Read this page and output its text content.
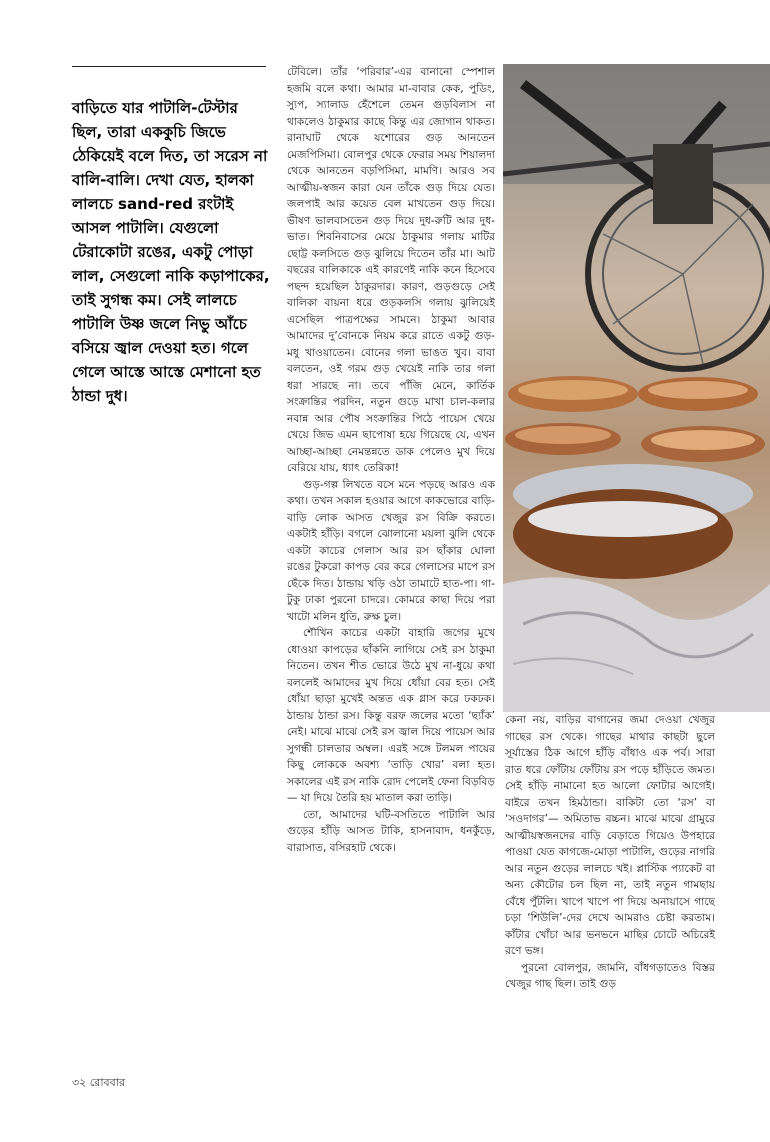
বাড়িতে যার পাটালি-টেস্টার ছিল, তারা এককুচি জিভে ঠেকিয়েই বলে দিত, তা সরেস না বালি-বালি। দেখা যেত, হালকা লালচে sand-red রংটাই আসল পাটালি। যেগুলো টেরাকোটা রঙের, একটু পোড়া লাল, সেগুলো নাকি কড়াপাকের, তাই সুগন্ধ কম। সেই লালচে পাটালি উষ্ণ জলে নিভু আঁচে বসিয়ে জ্বাল দেওয়া হত। গলে গেলে আস্তে আস্তে মেশানো হত ঠান্ডা দুধ।

টেবিলে। তাঁর ‘পরিবার’-এর বানানো স্পেশাল হজমি বলে কথা। আমার মা-বাবার কেক, পুডিং, স্যুপ, স্যালাড হেঁশেলে তেমন গুড়বিলাস না থাকলেও ঠাকুমার কাছে কিন্তু এর জোগান থাকত। রানাঘাট থেকে যশোরের গুড় আনতেন মেজপিসিমা। বোলপুর থেকে ফেরার সময় শিয়ালদা থেকে আনতেন বড়পিসিমা, মামণি। আরও সব আত্মীয়-স্বজন কারা যেন তাঁকে গুড় দিয়ে যেত। জলপাই আর কয়েত বেল মাখতেন গুড় দিয়ে। ভীষণ ভালবাসতেন গুড় দিয়ে দুধ-রুটি আর দুধ-ভাত। শিবনিবাসের মেয়ে ঠাকুমার গলায় মাটির ছোট্ট কলসিতে গুড় ঝুলিয়ে দিতেন তাঁর মা। আট বছরের বালিকাকে এই কারণেই নাকি কনে হিসেবে পছন্দ হয়েছিল ঠাকুরদার। কারণ, গুড়গুড়ে সেই বালিকা বায়না ধরে গুড়কলসি গলায় ঝুলিয়েই এসেছিল পাত্রপক্ষের সামনে। ঠাকুমা আবার আমাদের দু’বোনকে নিয়ম করে রাতে একটু গুড়-মধু খাওয়াতেন। বোনের গলা ভাঙত খুব। বাবা বলতেন, ওই গরম গুড় খেয়েই নাকি তার গলা ধরা সারছে না। তবে পাঁজি মেনে, কার্তিক সংক্রান্তির পরদিন, নতুন গুড়ে মাখা চাল-কলার নবান্ন আর পৌষ সংক্রান্তির পিঠে পায়েস খেয়ে খেয়ে জিভ এমন ছাপোষা হয়ে গিয়েছে যে, এখন আচ্ছা-আচ্ছা নেমন্তন্নতে ডাক পেলেও মুখ দিয়ে বেরিয়ে যায়, ধ্যাৎ তেরিকা!

গুড়-গল্প লিখতে বসে মনে পড়ছে আরও এক কথা। তখন সকাল হওয়ার আগে কাকভোরে বাড়ি-বাড়ি লোক আসত খেজুর রস বিক্রি করতে। একটাই হাঁড়ি। বগলে ঝোলানো ময়লা ঝুলি থেকে একটা কাচের গেলাস আর রস ছাঁকার ঘোলা রঙের টুকরো কাপড় বের করে গেলাসের মাপে রস ছেঁকে দিত। ঠান্ডায় খড়ি ওঠা তামাটে হাত-পা। গা-টুকু ঢাকা পুরনো চাদরে। কোমরে কাছা দিয়ে পরা খাটো মলিন ধুতি, রুক্ষ চুল।

শৌখিন কাচের একটা বাহারি জগের মুখে ধোওয়া কাপড়ের ছাঁকনি লাগিয়ে সেই রস ঠাকুমা নিতেন। তখন শীত ভোরে উঠে মুখ না-ধুয়ে কথা বললেই আমাদের মুখ দিয়ে ধোঁয়া বের হত। সেই ধোঁয়া ছাড়া মুখেই অন্তত এক গ্লাস করে ঢকঢক। ঠান্ডায় ঠান্ডা রস। কিন্তু বরফ জলের মতো ‘ছ্যাঁক’ নেই। মাঝে মাঝে সেই রস জ্বাল দিয়ে পায়েস আর সুগন্ধী চালতার অম্বল। এরই সঙ্গে টলমল পায়ের কিছু লোককে অবশ্য ‘তাড়ি খোর’ বলা হত। সকালের এই রস নাকি রোদ পেলেই ফেনা বিড়বিড়— যা দিয়ে তৈরি হয় মাতাল করা তাড়ি।

তো, আমাদের ঘটি-বসতিতে পাটালি আর গুড়ের হাঁড়ি আসত টাকি, হাসনাবাদ, ধনকুঁড়ে, বারাসাত, বসিরহাট থেকে।

কেনা নয়, বাড়ির বাগানের জমা দেওয়া খেজুর গাছের রস থেকে। গাছের মাথার কাছটা ছুলে সূর্যাস্তের ঠিক আগে হাঁড়ি বাঁধাও এক পর্ব। সারা রাত ধরে ফোঁটায় ফোঁটায় রস পড়ে হাঁড়িতে জমত। সেই হাঁড়ি নামানো হত আলো ফোটার আগেই। বাইরে তখন হিমঠান্ডা। বাকিটা তো ‘রস’ বা ‘সওদাগর’— অমিতাভ বচ্চন। মাঝে মাঝে গ্রামুরে আত্মীয়স্বজনদের বাড়ি বেড়াতে গিয়েও উপহারে পাওয়া যেত কাগজে-মোড়া পাটালি, গুড়ের নাগরি আর নতুন গুড়ের লালচে খই। প্লাস্টিক প্যাকেট বা অন্য কৌটোর চল ছিল না, তাই নতুন গামছায় বেঁধে পুঁটলি। খাপে খাপে পা দিয়ে অনায়াসে গাছে চড়া ‘শিউলি’-দের দেখে আমরাও চেষ্টা করতাম। কাঁটার খোঁচা আর ভনভনে মাছির চোটে অচিরেই রণে ভঙ্গ।

পুরনো বোলপুর, জামনি, বাঁধগড়াতেও বিস্তর খেজুর গাছ ছিল। তাই গুড়

৩২ রোববার
